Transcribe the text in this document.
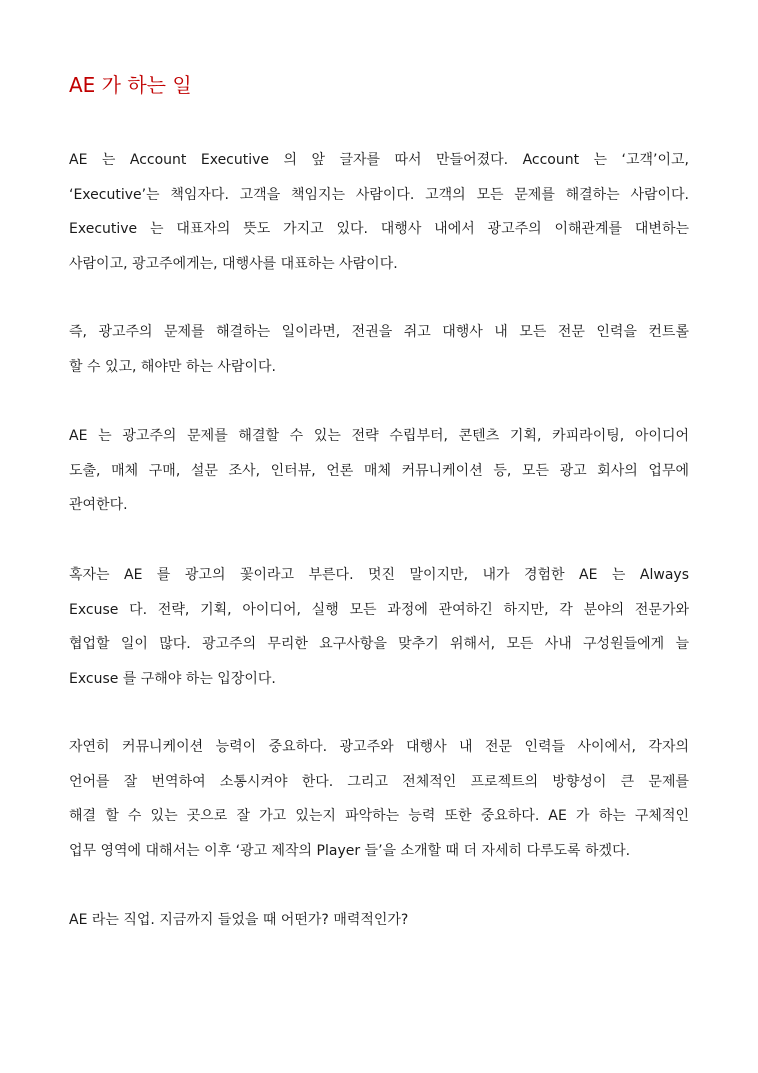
AE 가 하는 일
AE 는 Account Executive 의 앞 글자를 따서 만들어졌다. Account 는 ‘고객’이고,
‘Executive’는 책임자다. 고객을 책임지는 사람이다. 고객의 모든 문제를 해결하는 사람이다.
Executive 는 대표자의 뜻도 가지고 있다. 대행사 내에서 광고주의 이해관계를 대변하는
사람이고, 광고주에게는, 대행사를 대표하는 사람이다.
즉, 광고주의 문제를 해결하는 일이라면, 전권을 쥐고 대행사 내 모든 전문 인력을 컨트롤
할 수 있고, 해야만 하는 사람이다.
AE 는 광고주의 문제를 해결할 수 있는 전략 수립부터, 콘텐츠 기획, 카피라이팅, 아이디어
도출, 매체 구매, 설문 조사, 인터뷰, 언론 매체 커뮤니케이션 등, 모든 광고 회사의 업무에
관여한다.
혹자는 AE 를 광고의 꽃이라고 부른다. 멋진 말이지만, 내가 경험한 AE 는 Always
Excuse 다. 전략, 기획, 아이디어, 실행 모든 과정에 관여하긴 하지만, 각 분야의 전문가와
협업할 일이 많다. 광고주의 무리한 요구사항을 맞추기 위해서, 모든 사내 구성원들에게 늘
Excuse 를 구해야 하는 입장이다.
자연히 커뮤니케이션 능력이 중요하다. 광고주와 대행사 내 전문 인력들 사이에서, 각자의
언어를 잘 번역하여 소통시켜야 한다. 그리고 전체적인 프로젝트의 방향성이 큰 문제를
해결 할 수 있는 곳으로 잘 가고 있는지 파악하는 능력 또한 중요하다. AE 가 하는 구체적인
업무 영역에 대해서는 이후 ‘광고 제작의 Player 들’을 소개할 때 더 자세히 다루도록 하겠다.
AE 라는 직업. 지금까지 들었을 때 어떤가? 매력적인가?
